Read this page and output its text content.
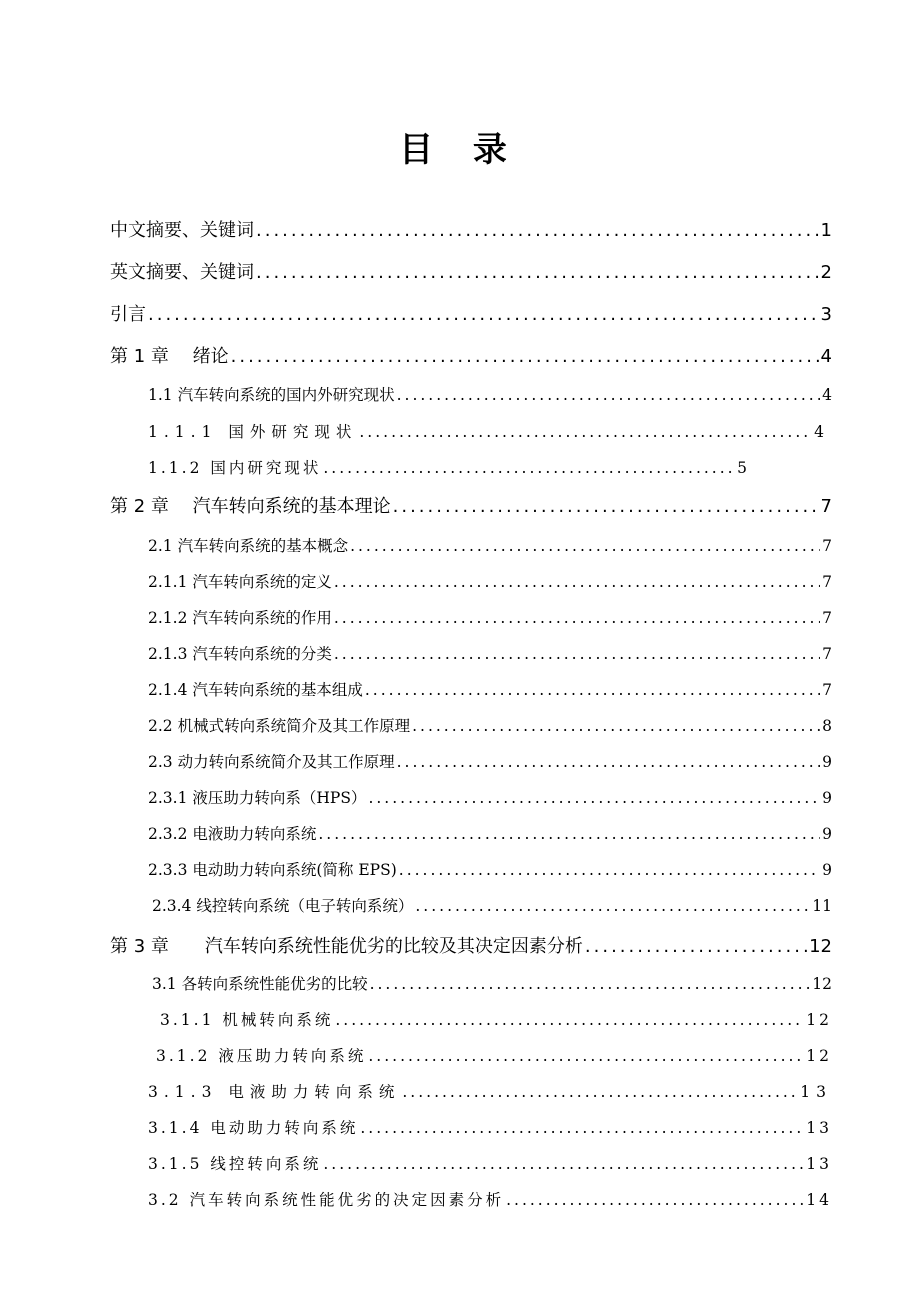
目 录
中文摘要、关键词 .....	1
英文摘要、关键词 .....	2
引言 .....	3
第 1 章　 绪论 .....	4
1.1 汽车转向系统的国内外研究现状 .....	4
1.1.1 国外研究现状 .....	4
1.1.2 国内研究现状 .....	5
第 2 章　 汽车转向系统的基本理论 .....	7
2.1 汽车转向系统的基本概念 .....	7
2.1.1 汽车转向系统的定义 .....	7
2.1.2 汽车转向系统的作用 .....	7
2.1.3 汽车转向系统的分类 .....	7
2.1.4 汽车转向系统的基本组成 .....	7
2.2 机械式转向系统简介及其工作原理 .....	8
2.3 动力转向系统简介及其工作原理 .....	9
2.3.1 液压助力转向系（HPS） .....	9
2.3.2 电液助力转向系统 .....	9
2.3.3 电动助力转向系统(简称 EPS) .....	9
2.3.4 线控转向系统（电子转向系统） .....	11
第 3 章　　汽车转向系统性能优劣的比较及其决定因素分析 .....	12
3.1 各转向系统性能优劣的比较 .....	12
3.1.1 机械转向系统 .....	12
3.1.2 液压助力转向系统 .....	12
3.1.3 电液助力转向系统 .....	13
3.1.4 电动助力转向系统 .....	13
3.1.5 线控转向系统 .....	13
3.2 汽车转向系统性能优劣的决定因素分析 .....	14
